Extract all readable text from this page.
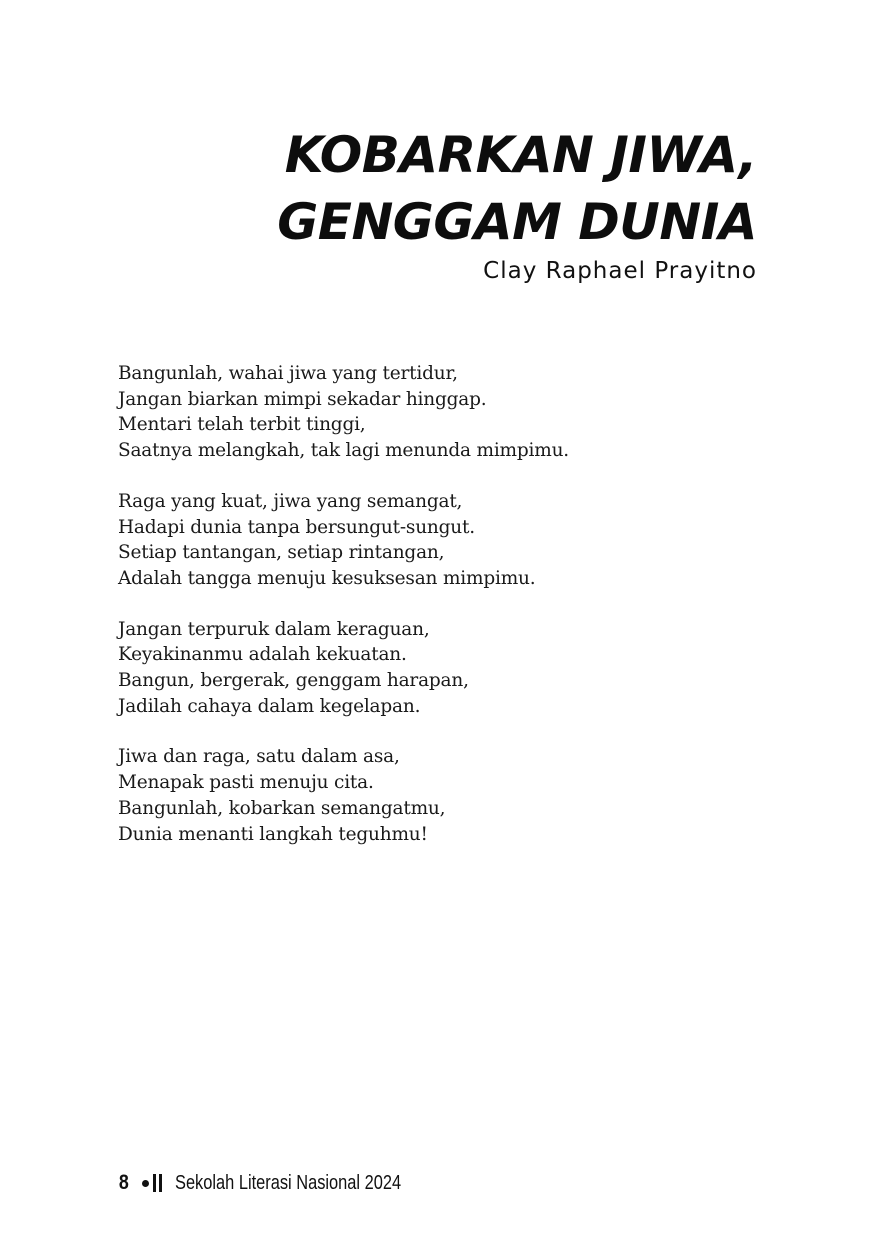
KOBARKAN JIWA,
GENGGAM DUNIA
Clay Raphael Prayitno
Bangunlah, wahai jiwa yang tertidur,
Jangan biarkan mimpi sekadar hinggap.
Mentari telah terbit tinggi,
Saatnya melangkah, tak lagi menunda mimpimu.
Raga yang kuat, jiwa yang semangat,
Hadapi dunia tanpa bersungut-sungut.
Setiap tantangan, setiap rintangan,
Adalah tangga menuju kesuksesan mimpimu.
Jangan terpuruk dalam keraguan,
Keyakinanmu adalah kekuatan.
Bangun, bergerak, genggam harapan,
Jadilah cahaya dalam kegelapan.
Jiwa dan raga, satu dalam asa,
Menapak pasti menuju cita.
Bangunlah, kobarkan semangatmu,
Dunia menanti langkah teguhmu!
8 Sekolah Literasi Nasional 2024
